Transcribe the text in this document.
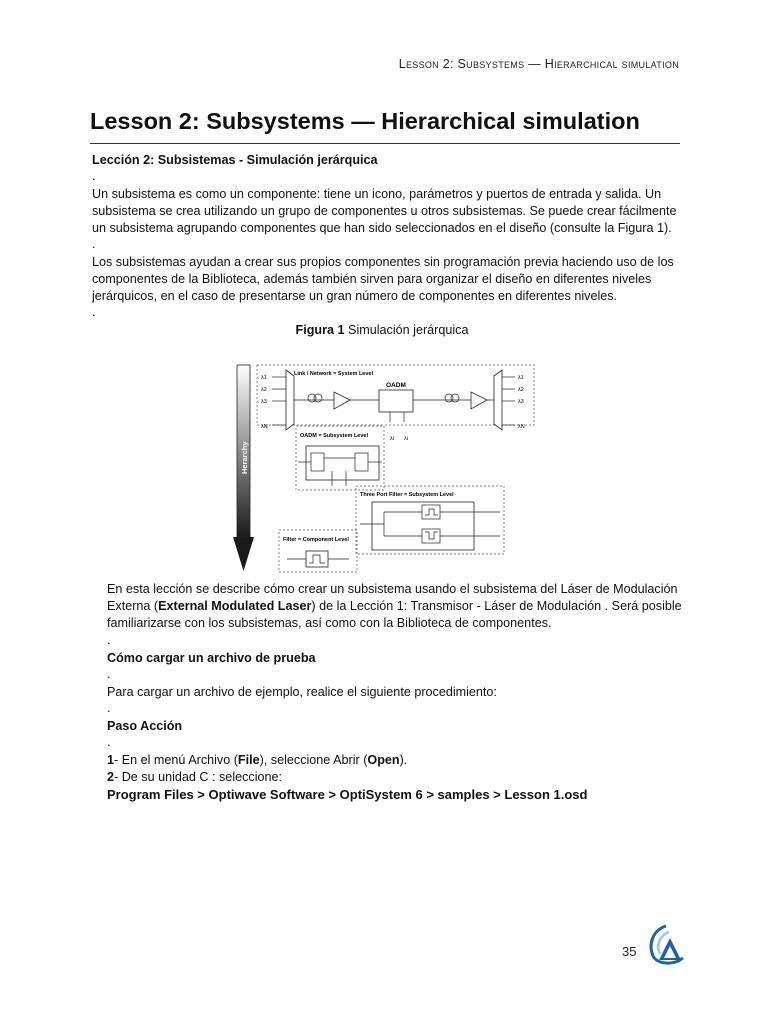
Lesson 2: Subsystems — Hierarchical simulation
Lesson 2: Subsystems — Hierarchical simulation
Lección 2: Subsistemas - Simulación jerárquica
.
Un subsistema es como un componente: tiene un icono, parámetros y puertos de entrada y salida. Un subsistema se crea utilizando un grupo de componentes u otros subsistemas. Se puede crear fácilmente un subsistema agrupando componentes que han sido seleccionados en el diseño (consulte la Figura 1).
.
Los subsistemas ayudan a crear sus propios componentes sin programación previa haciendo uso de los componentes de la Biblioteca, además también sirven para organizar el diseño en diferentes niveles jerárquicos, en el caso de presentarse un gran número de componentes en diferentes niveles.
.
Figura 1 Simulación jerárquica
Herarchy
Link / Network = System Level
λ1
λ2
λ3
λN
OADM
λ1
λ2
λ3
λN
λi λi
OADM = Subsystem Level
Three Port Filter = Subsystem Level
Filter = Component Level
En esta lección se describe cómo crear un subsistema usando el subsistema del Láser de Modulación Externa (External Modulated Laser) de la Lección 1: Transmisor - Láser de Modulación . Será posible familiarizarse con los subsistemas, así como con la Biblioteca de componentes.
.
Cómo cargar un archivo de prueba
.
Para cargar un archivo de ejemplo, realice el siguiente procedimiento:
.
Paso Acción
.
1- En el menú Archivo (File), seleccione Abrir (Open).
2- De su unidad C : seleccione:
Program Files > Optiwave Software > OptiSystem 6 > samples > Lesson 1.osd
35
